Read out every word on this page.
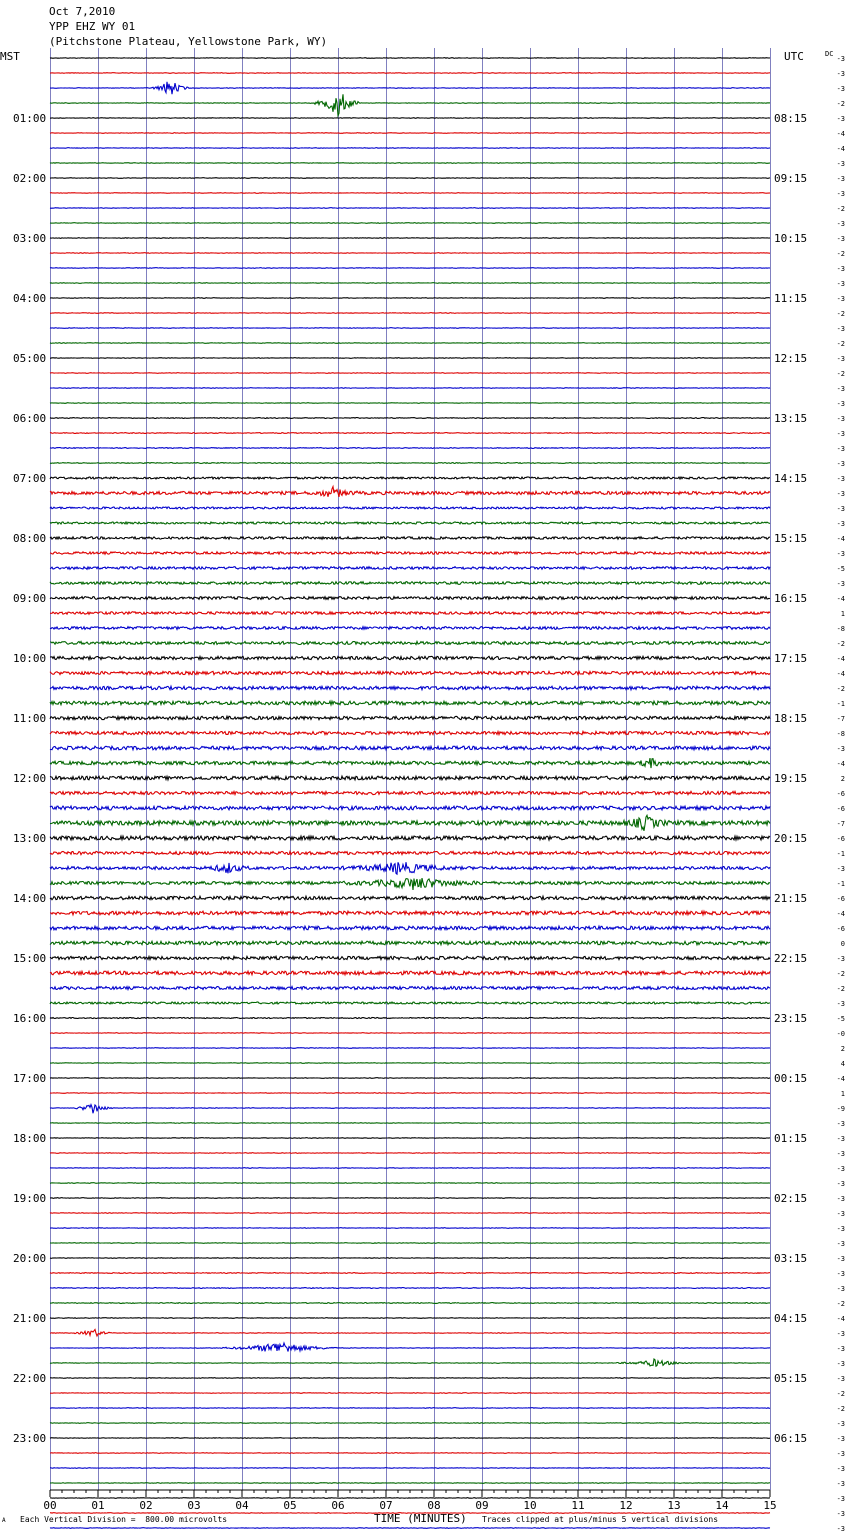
Oct 7,2010
YPP EHZ WY 01
(Pitchstone Plateau, Yellowstone Park, WY)
01:00
02:00
03:00
04:00
05:00
06:00
07:00
08:00
09:00
10:00
11:00
12:00
13:00
14:00
15:00
16:00
17:00
18:00
19:00
20:00
21:00
22:00
23:00
08:15
09:15
10:15
11:15
12:15
13:15
14:15
15:15
16:15
17:15
18:15
19:15
20:15
21:15
22:15
23:15
00:15
01:15
02:15
03:15
04:15
05:15
06:15
-3
-3
-3
-2
-3
-4
-4
-3
-3
-3
-2
-3
-3
-2
-3
-3
-3
-2
-3
-2
-3
-2
-3
-3
-3
-3
-3
-3
-3
-3
-3
-3
-4
-3
-5
-3
-4
1
-8
-2
-4
-4
-2
-1
-7
-8
-3
-4
2
-6
-6
-7
-6
-1
-3
-1
-6
-4
-6
0
-3
-2
-2
-3
-5
-0
2
4
-4
1
-9
-3
-3
-3
-3
-3
-3
-3
-3
-3
-3
-3
-3
-2
-4
-3
-3
-3
-3
-2
-2
-3
-3
-3
-3
-3
-3
-3
-3
00	01	02	03	04	05	06	07	08	09	10	11	12	13	14	15
MST	UTC	DC
A Each Vertical Division =  800.00 microvolts	TIME (MINUTES) Traces clipped at plus/minus 5 vertical divisions
